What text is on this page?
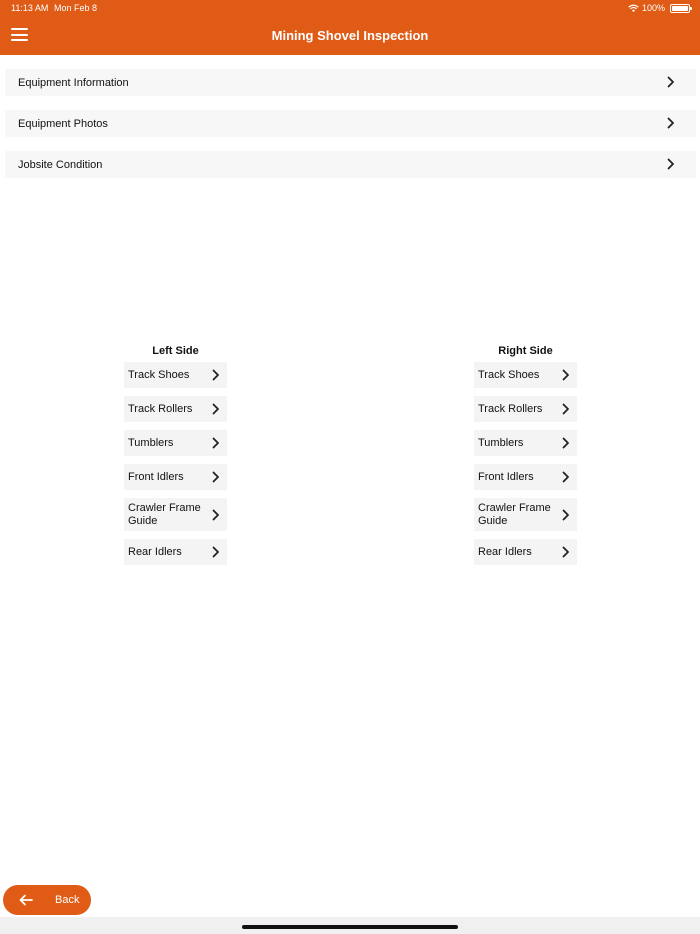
11:13 AM Mon Feb 8	100%
Mining Shovel Inspection
Equipment Information
Equipment Photos
Jobsite Condition
Left Side
Track Shoes
Track Rollers
Tumblers
Front Idlers
Crawler Frame Guide
Rear Idlers
Right Side
Track Shoes
Track Rollers
Tumblers
Front Idlers
Crawler Frame Guide
Rear Idlers
Back
